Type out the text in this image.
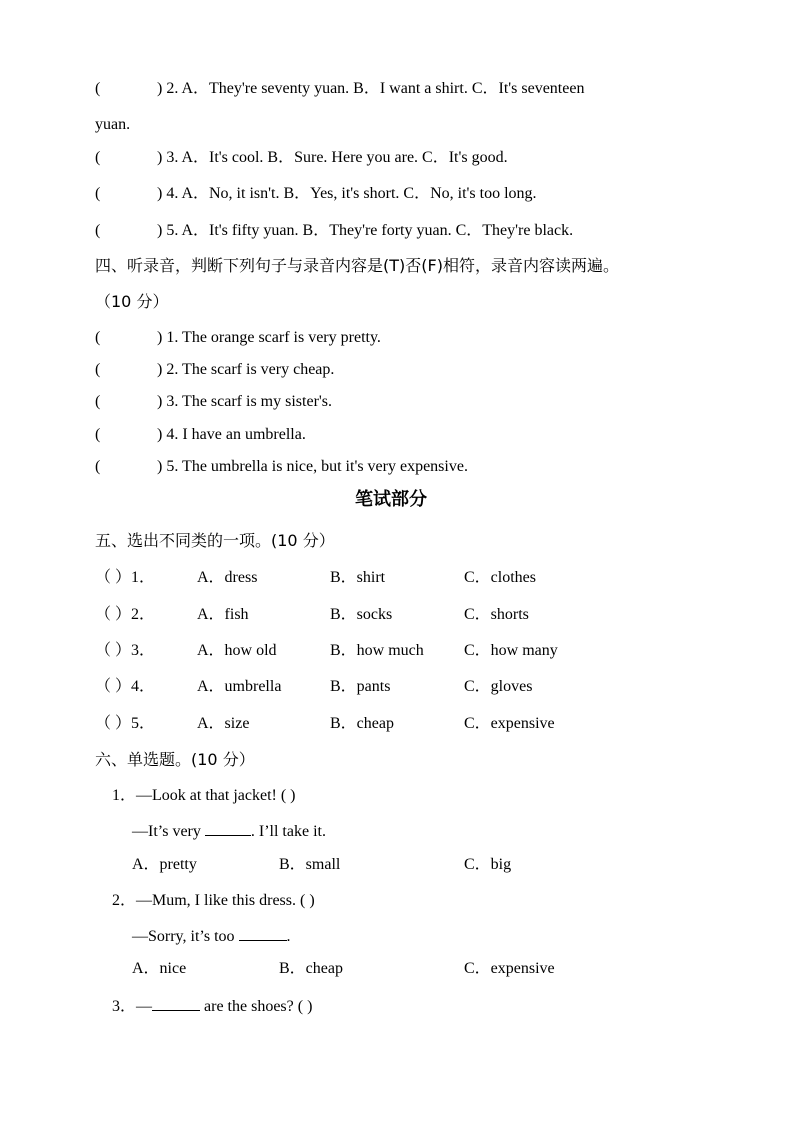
(	) 2. A．They're seventy yuan. B．I want a shirt. C．It's seventeen
yuan.
(	) 3. A．It's cool. B．Sure. Here you are. C．It's good.
(	) 4. A．No, it isn't. B．Yes, it's short. C．No, it's too long.
(	) 5. A．It's fifty yuan. B．They're forty yuan. C．They're black.
四、听录音，判断下列句子与录音内容是(T)否(F)相符，录音内容读两遍。
（10 分）
(	) 1. The orange scarf is very pretty.
(	) 2. The scarf is very cheap.
(	) 3. The scarf is my sister's.
(	) 4. I have an umbrella.
(	) 5. The umbrella is nice, but it's very expensive.
笔试部分
五、选出不同类的一项。(10 分）
（ ）1．	A．dress	B．shirt	C．clothes
（ ）2．	A．fish	B．socks	C．shorts
（ ）3．	A．how old	B．how much	C．how many
（ ）4．	A．umbrella	B．pants	C．gloves
（ ）5．	A．size	B．cheap	C．expensive
六、单选题。(10 分）
1．—Look at that jacket! ( )
—It’s very	. I’ll take it.
A．pretty	B．small	C．big
2．—Mum, I like this dress. ( )
—Sorry, it’s too	.
A．nice	B．cheap	C．expensive
3．—	are the shoes? ( )
